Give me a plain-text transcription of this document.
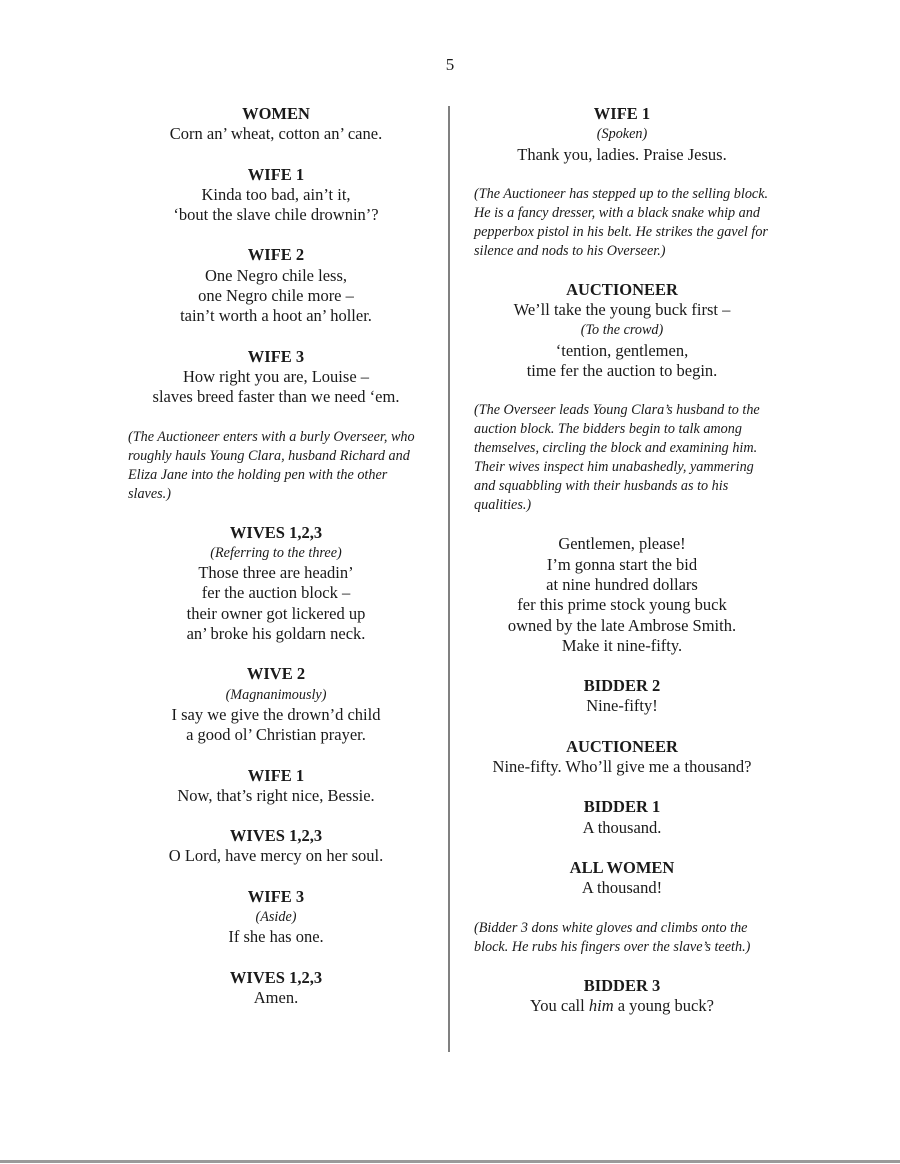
5
WOMEN
Corn an’ wheat, cotton an’ cane.
WIFE 1
Kinda too bad, ain’t it,
‘bout the slave chile drownin’?
WIFE 2
One Negro chile less,
one Negro chile more –
tain’t worth a hoot an’ holler.
WIFE 3
How right you are, Louise –
slaves breed faster than we need ‘em.
(The Auctioneer enters with a burly Overseer, who roughly hauls Young Clara, husband Richard and Eliza Jane into the holding pen with the other slaves.)
WIVES 1,2,3
(Referring to the three)
Those three are headin’
fer the auction block –
their owner got lickered up
an’ broke his goldarn neck.
WIVE 2
(Magnanimously)
I say we give the drown’d child
a good ol’ Christian prayer.
WIFE 1
Now, that’s right nice, Bessie.
WIVES 1,2,3
O Lord, have mercy on her soul.
WIFE 3
(Aside)
If she has one.
WIVES 1,2,3
Amen.
WIFE 1
(Spoken)
Thank you, ladies. Praise Jesus.
(The Auctioneer has stepped up to the selling block. He is a fancy dresser, with a black snake whip and pepperbox pistol in his belt. He strikes the gavel for silence and nods to his Overseer.)
AUCTIONEER
We’ll take the young buck first –
(To the crowd)
‘tention, gentlemen,
time fer the auction to begin.
(The Overseer leads Young Clara’s husband to the auction block. The bidders begin to talk among themselves, circling the block and examining him. Their wives inspect him unabashedly, yammering and squabbling with their husbands as to his qualities.)
Gentlemen, please!
I’m gonna start the bid
at nine hundred dollars
fer this prime stock young buck
owned by the late Ambrose Smith.
Make it nine-fifty.
BIDDER 2
Nine-fifty!
AUCTIONEER
Nine-fifty. Who’ll give me a thousand?
BIDDER 1
A thousand.
ALL WOMEN
A thousand!
(Bidder 3 dons white gloves and climbs onto the block. He rubs his fingers over the slave’s teeth.)
BIDDER 3
You call him a young buck?
